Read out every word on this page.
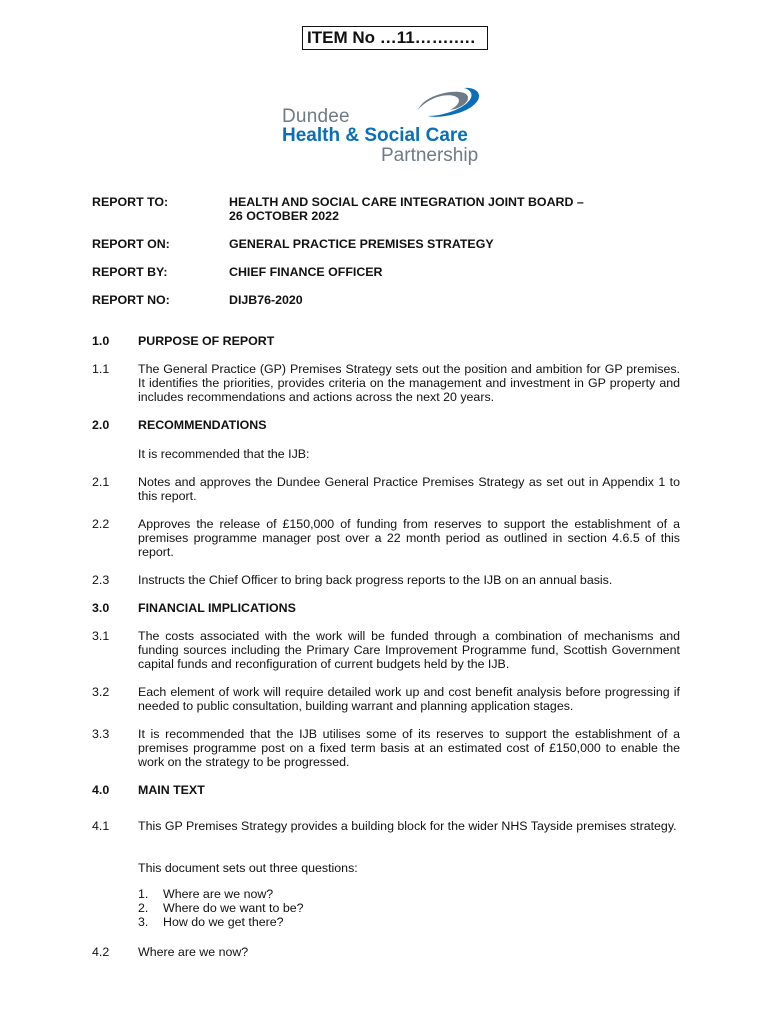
ITEM No …11…….….
Dundee
Health & Social Care
Partnership
REPORT TO:	HEALTH AND SOCIAL CARE INTEGRATION JOINT BOARD –
26 OCTOBER 2022
REPORT ON:	GENERAL PRACTICE PREMISES STRATEGY
REPORT BY:	CHIEF FINANCE OFFICER
REPORT NO:	DIJB76-2020
1.0 PURPOSE OF REPORT
1.1 The General Practice (GP) Premises Strategy sets out the position and ambition for GP premises. It identifies the priorities, provides criteria on the management and investment in GP property and includes recommendations and actions across the next 20 years.
2.0 RECOMMENDATIONS
It is recommended that the IJB:
2.1 Notes and approves the Dundee General Practice Premises Strategy as set out in Appendix 1 to this report.
2.2 Approves the release of £150,000 of funding from reserves to support the establishment of a premises programme manager post over a 22 month period as outlined in section 4.6.5 of this report.
2.3 Instructs the Chief Officer to bring back progress reports to the IJB on an annual basis.
3.0 FINANCIAL IMPLICATIONS
3.1 The costs associated with the work will be funded through a combination of mechanisms and funding sources including the Primary Care Improvement Programme fund, Scottish Government capital funds and reconfiguration of current budgets held by the IJB.
3.2 Each element of work will require detailed work up and cost benefit analysis before progressing if needed to public consultation, building warrant and planning application stages.
3.3 It is recommended that the IJB utilises some of its reserves to support the establishment of a premises programme post on a fixed term basis at an estimated cost of £150,000 to enable the work on the strategy to be progressed.
4.0 MAIN TEXT
4.1 This GP Premises Strategy provides a building block for the wider NHS Tayside premises strategy.
This document sets out three questions:
1. Where are we now?
2. Where do we want to be?
3. How do we get there?
4.2 Where are we now?
